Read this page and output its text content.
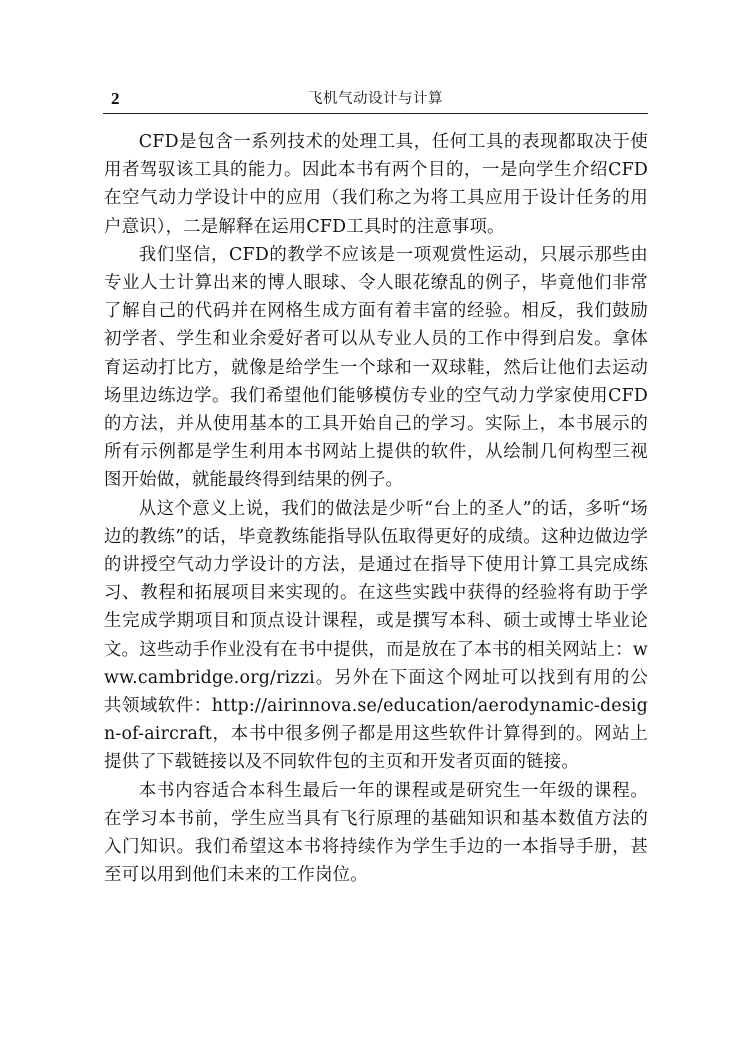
2	飞机气动设计与计算

CFD是包含一系列技术的处理工具，任何工具的表现都取决于使用者驾驭该工具的能力。因此本书有两个目的，一是向学生介绍CFD在空气动力学设计中的应用（我们称之为将工具应用于设计任务的用户意识），二是解释在运用CFD工具时的注意事项。

我们坚信，CFD的教学不应该是一项观赏性运动，只展示那些由专业人士计算出来的博人眼球、令人眼花缭乱的例子，毕竟他们非常了解自己的代码并在网格生成方面有着丰富的经验。相反，我们鼓励初学者、学生和业余爱好者可以从专业人员的工作中得到启发。拿体育运动打比方，就像是给学生一个球和一双球鞋，然后让他们去运动场里边练边学。我们希望他们能够模仿专业的空气动力学家使用CFD的方法，并从使用基本的工具开始自己的学习。实际上，本书展示的所有示例都是学生利用本书网站上提供的软件，从绘制几何构型三视图开始做，就能最终得到结果的例子。

从这个意义上说，我们的做法是少听“台上的圣人”的话，多听“场边的教练”的话，毕竟教练能指导队伍取得更好的成绩。这种边做边学的讲授空气动力学设计的方法，是通过在指导下使用计算工具完成练习、教程和拓展项目来实现的。在这些实践中获得的经验将有助于学生完成学期项目和顶点设计课程，或是撰写本科、硕士或博士毕业论文。这些动手作业没有在书中提供，而是放在了本书的相关网站上：www.cambridge.org/rizzi。另外在下面这个网址可以找到有用的公共领域软件：http://airinnova.se/education/aerodynamic-design-of-aircraft，本书中很多例子都是用这些软件计算得到的。网站上提供了下载链接以及不同软件包的主页和开发者页面的链接。

本书内容适合本科生最后一年的课程或是研究生一年级的课程。在学习本书前，学生应当具有飞行原理的基础知识和基本数值方法的入门知识。我们希望这本书将持续作为学生手边的一本指导手册，甚至可以用到他们未来的工作岗位。
